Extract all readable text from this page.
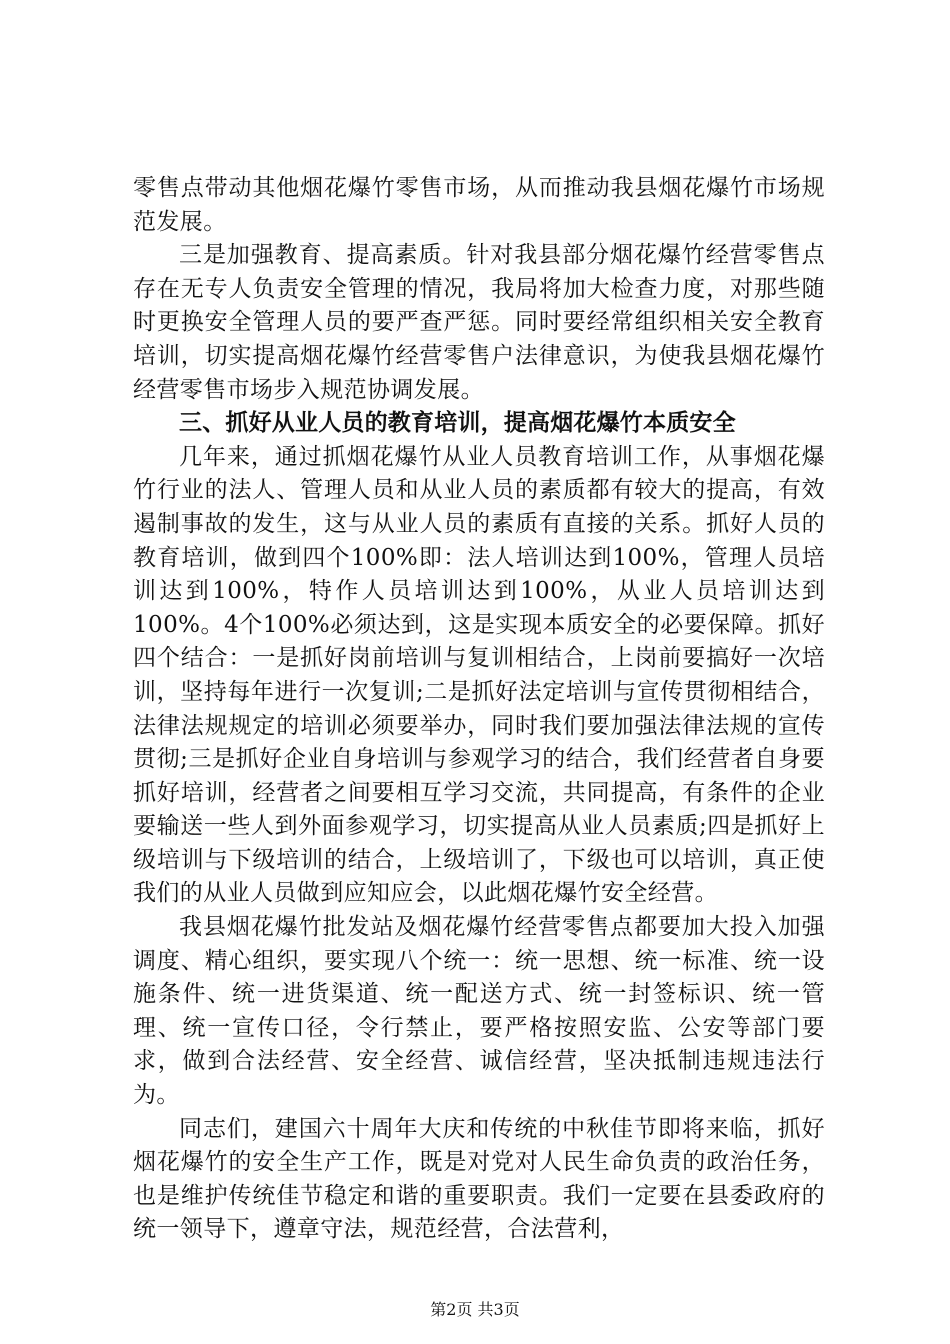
零售点带动其他烟花爆竹零售市场，从而推动我县烟花爆竹市场规范发展。

三是加强教育、提高素质。针对我县部分烟花爆竹经营零售点存在无专人负责安全管理的情况，我局将加大检查力度，对那些随时更换安全管理人员的要严查严惩。同时要经常组织相关安全教育培训，切实提高烟花爆竹经营零售户法律意识，为使我县烟花爆竹经营零售市场步入规范协调发展。

三、抓好从业人员的教育培训，提高烟花爆竹本质安全

几年来，通过抓烟花爆竹从业人员教育培训工作，从事烟花爆竹行业的法人、管理人员和从业人员的素质都有较大的提高，有效遏制事故的发生，这与从业人员的素质有直接的关系。抓好人员的教育培训，做到四个100%即：法人培训达到100%，管理人员培训达到100%，特作人员培训达到100%，从业人员培训达到100%。4个100%必须达到，这是实现本质安全的必要保障。抓好四个结合：一是抓好岗前培训与复训相结合，上岗前要搞好一次培训，坚持每年进行一次复训;二是抓好法定培训与宣传贯彻相结合，法律法规规定的培训必须要举办，同时我们要加强法律法规的宣传贯彻;三是抓好企业自身培训与参观学习的结合，我们经营者自身要抓好培训，经营者之间要相互学习交流，共同提高，有条件的企业要输送一些人到外面参观学习，切实提高从业人员素质;四是抓好上级培训与下级培训的结合，上级培训了，下级也可以培训，真正使我们的从业人员做到应知应会，以此烟花爆竹安全经营。

我县烟花爆竹批发站及烟花爆竹经营零售点都要加大投入加强调度、精心组织，要实现八个统一：统一思想、统一标准、统一设施条件、统一进货渠道、统一配送方式、统一封签标识、统一管理、统一宣传口径，令行禁止，要严格按照安监、公安等部门要求，做到合法经营、安全经营、诚信经营，坚决抵制违规违法行为。

同志们，建国六十周年大庆和传统的中秋佳节即将来临，抓好烟花爆竹的安全生产工作，既是对党对人民生命负责的政治任务，也是维护传统佳节稳定和谐的重要职责。我们一定要在县委政府的统一领导下，遵章守法，规范经营，合法营利，

第2页 共3页
